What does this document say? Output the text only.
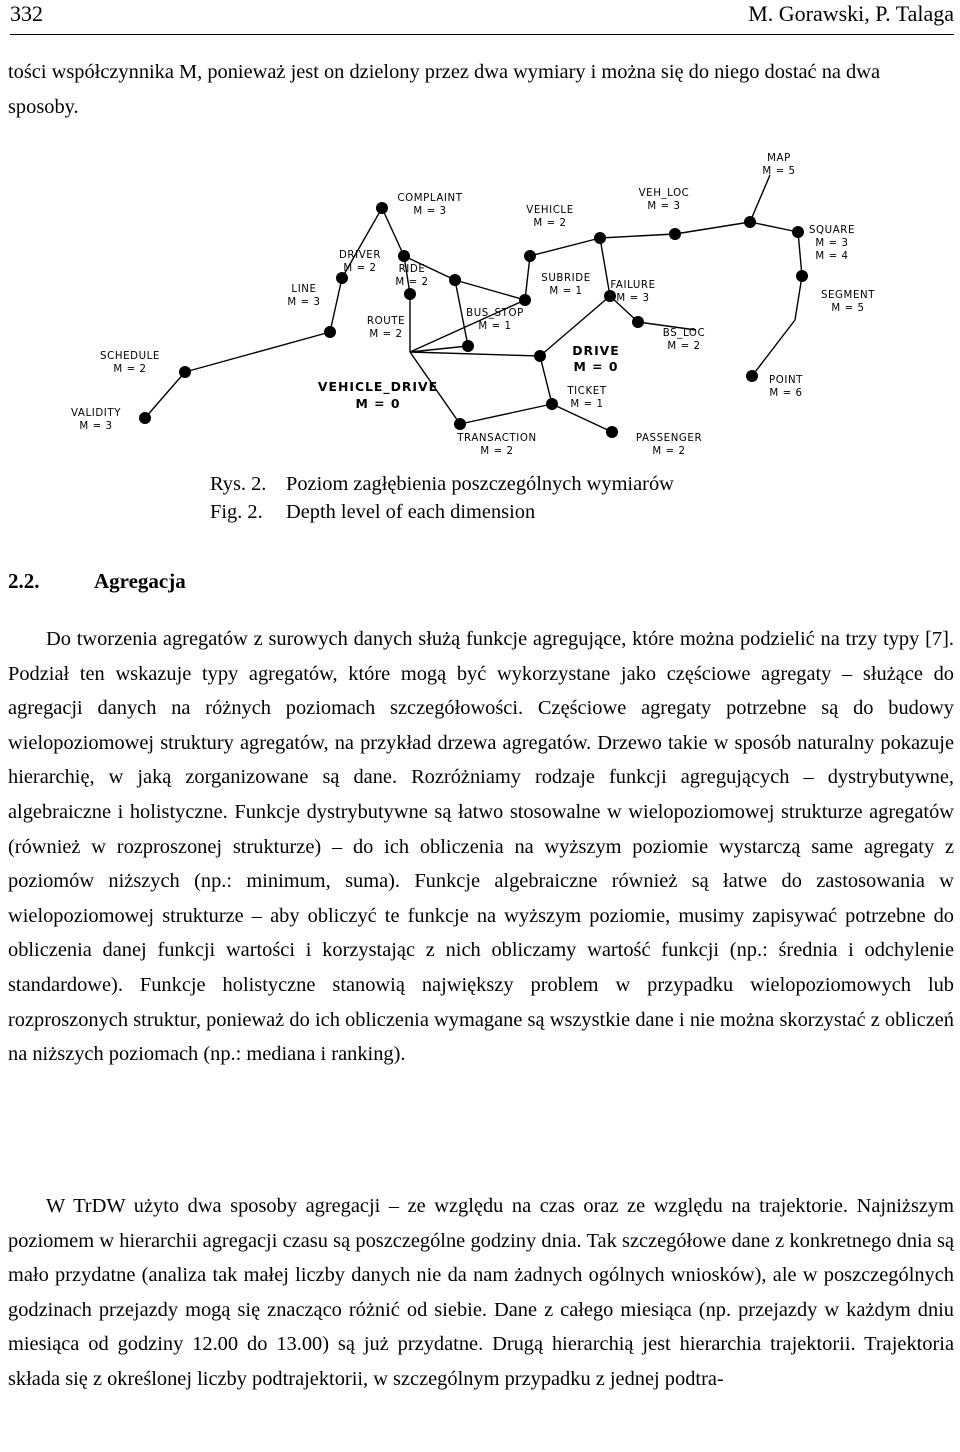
332	M. Gorawski, P. Talaga
tości współczynnika M, ponieważ jest on dzielony przez dwa wymiary i można się do niego dostać na dwa sposoby.
MAP
M = 5
COMPLAINT
M = 3	VEHICLE
M = 2
VEH_LOC
M = 3
SQUARE
M = 3
M = 4
DRIVER
M = 2 RIDE
M = 2
LINE
M = 3
SUBRIDE
M = 1
FAILURE
M = 3	SEGMENT
M = 5
BUS_STOP
M = 1
ROUTE
M = 2	BS_LOC
M = 2
SCHEDULE
M = 2
DRIVE
M = 0
VEHICLE_DRIVE
M = 0
TICKET
M = 1
POINT
M = 6
VALIDITY
M = 3
TRANSACTION
M = 2
PASSENGER
M = 2
Rys. 2. Poziom zagłębienia poszczególnych wymiarów
Fig. 2. Depth level of each dimension
2.2.	Agregacja
Do tworzenia agregatów z surowych danych służą funkcje agregujące, które można podzielić na trzy typy [7]. Podział ten wskazuje typy agregatów, które mogą być wykorzystane jako częściowe agregaty – służące do agregacji danych na różnych poziomach szczegółowości. Częściowe agregaty potrzebne są do budowy wielopoziomowej struktury agregatów, na przykład drzewa agregatów. Drzewo takie w sposób naturalny pokazuje hierarchię, w jaką zorganizowane są dane. Rozróżniamy rodzaje funkcji agregujących – dystrybutywne, algebraiczne i holistyczne. Funkcje dystrybutywne są łatwo stosowalne w wielopoziomowej strukturze agregatów (również w rozproszonej strukturze) – do ich obliczenia na wyższym poziomie wystarczą same agregaty z poziomów niższych (np.: minimum, suma). Funkcje algebraiczne również są łatwe do zastosowania w wielopoziomowej strukturze – aby obliczyć te funkcje na wyższym poziomie, musimy zapisywać potrzebne do obliczenia danej funkcji wartości i korzystając z nich obliczamy wartość funkcji (np.: średnia i odchylenie standardowe). Funkcje holistyczne stanowią największy problem w przypadku wielopoziomowych lub rozproszonych struktur, ponieważ do ich obliczenia wymagane są wszystkie dane i nie można skorzystać z obliczeń na niższych poziomach (np.: mediana i ranking).
W TrDW użyto dwa sposoby agregacji – ze względu na czas oraz ze względu na trajektorie. Najniższym poziomem w hierarchii agregacji czasu są poszczególne godziny dnia. Tak szczegółowe dane z konkretnego dnia są mało przydatne (analiza tak małej liczby danych nie da nam żadnych ogólnych wniosków), ale w poszczególnych godzinach przejazdy mogą się znacząco różnić od siebie. Dane z całego miesiąca (np. przejazdy w każdym dniu miesiąca od godziny 12.00 do 13.00) są już przydatne. Drugą hierarchią jest hierarchia trajektorii. Trajektoria składa się z określonej liczby podtrajektorii, w szczególnym przypadku z jednej podtra-
